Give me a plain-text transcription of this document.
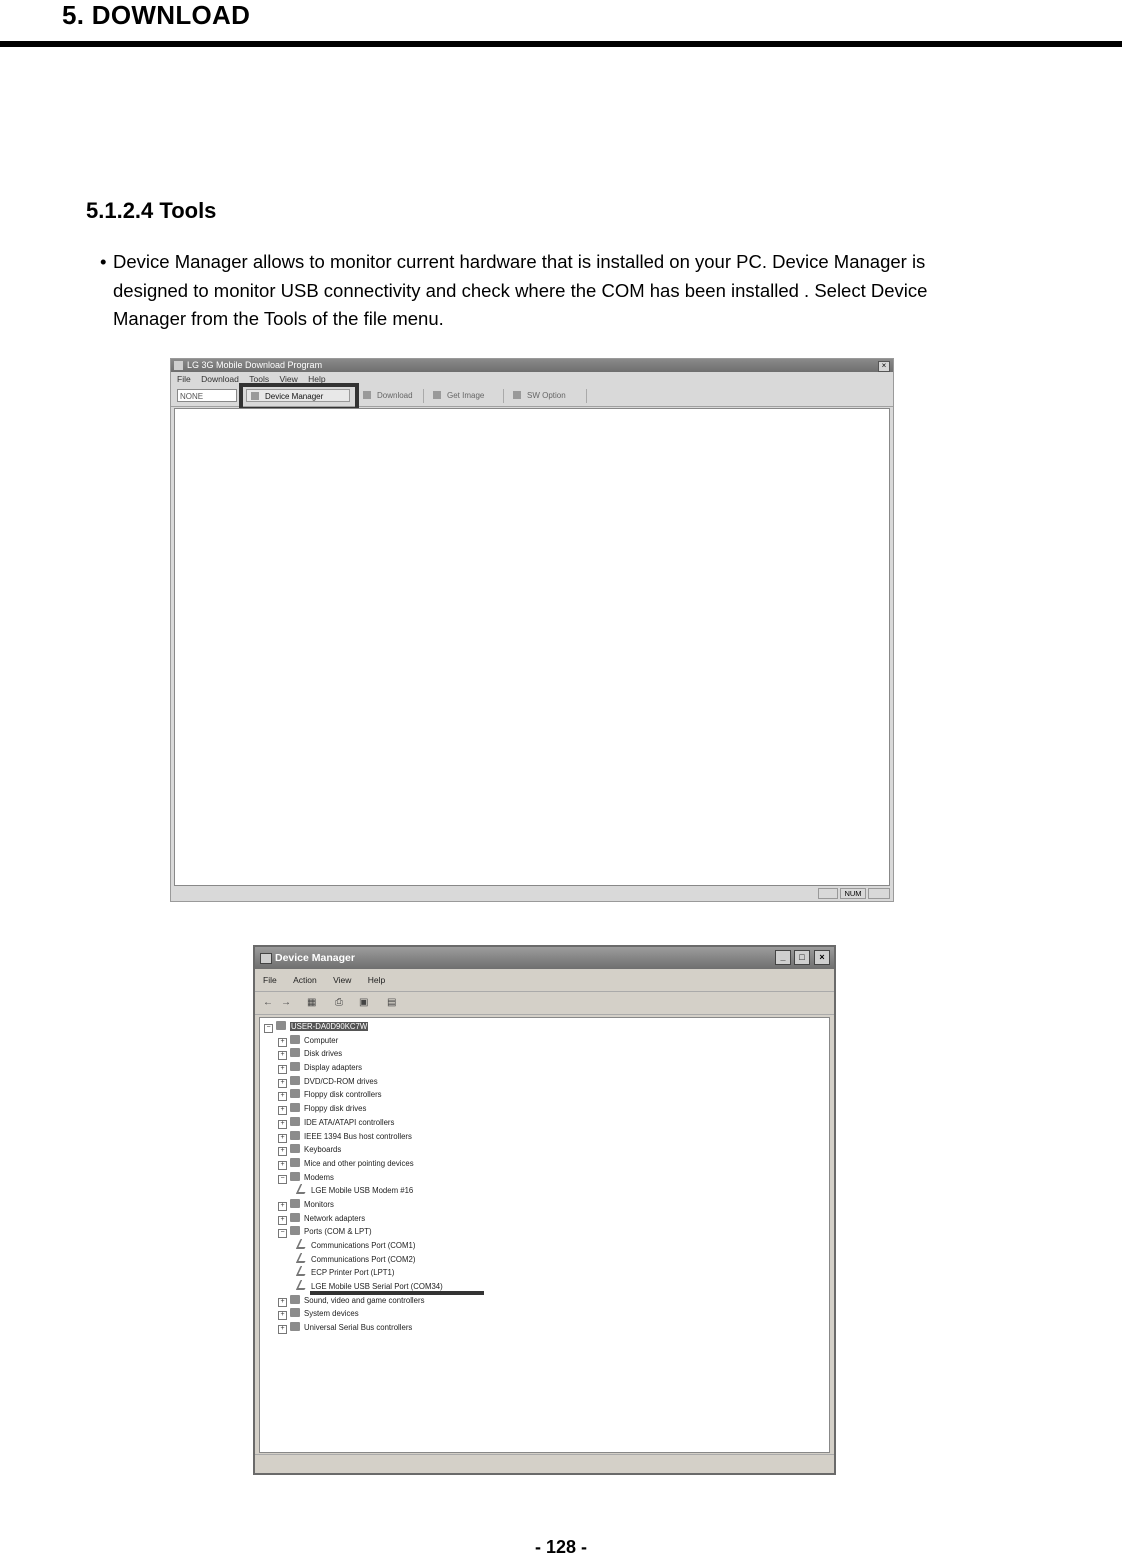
5. DOWNLOAD
5.1.2.4 Tools
• Device Manager allows to monitor current hardware that is installed on your PC. Device Manager is
designed to monitor USB connectivity and check where the COM has been installed . Select Device
Manager from the Tools of the file menu.
LG 3G Mobile Download Program	×
File Download Tools View Help
NONE	Device Manager	Download	Get Image	SW Option
NUM
Device Manager	_	□	×
File Action View Help
← → ▦ ⎙ ▣ ▤
−	USER-DA0D90KC7W
+ Computer
+ Disk drives
+ Display adapters
+ DVD/CD-ROM drives
+ Floppy disk controllers
+ Floppy disk drives
+ IDE ATA/ATAPI controllers
+ IEEE 1394 Bus host controllers
+ Keyboards
+ Mice and other pointing devices
− Modems
LGE Mobile USB Modem #16
+ Monitors
+ Network adapters
− Ports (COM & LPT)
Communications Port (COM1)
Communications Port (COM2)
ECP Printer Port (LPT1)
LGE Mobile USB Serial Port (COM34)
+ Sound, video and game controllers
+ System devices
+ Universal Serial Bus controllers
- 128 -
